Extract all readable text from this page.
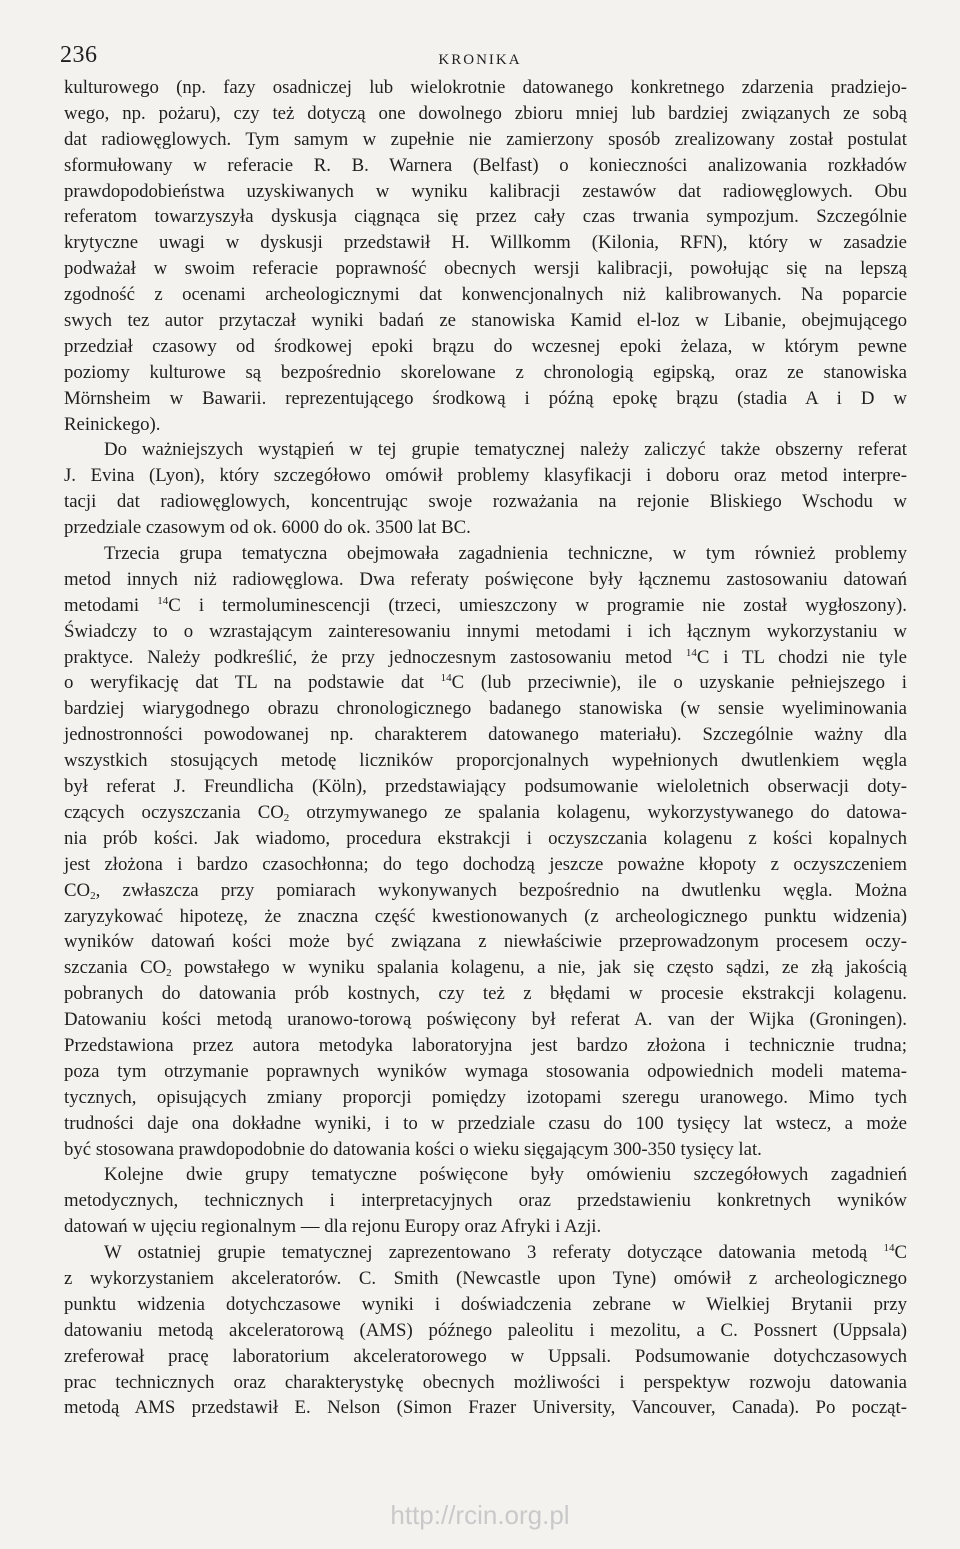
236	KRONIKA
kulturowego (np. fazy osadniczej lub wielokrotnie datowanego konkretnego zdarzenia pradziejo-
wego, np. pożaru), czy też dotyczą one dowolnego zbioru mniej lub bardziej związanych ze sobą
dat radiowęglowych. Tym samym w zupełnie nie zamierzony sposób zrealizowany został postulat
sformułowany w referacie R. B. Warnera (Belfast) o konieczności analizowania rozkładów
prawdopodobieństwa uzyskiwanych w wyniku kalibracji zestawów dat radiowęglowych. Obu
referatom towarzyszyła dyskusja ciągnąca się przez cały czas trwania sympozjum. Szczególnie
krytyczne uwagi w dyskusji przedstawił H. Willkomm (Kilonia, RFN), który w zasadzie
podważał w swoim referacie poprawność obecnych wersji kalibracji, powołując się na lepszą
zgodność z ocenami archeologicznymi dat konwencjonalnych niż kalibrowanych. Na poparcie
swych tez autor przytaczał wyniki badań ze stanowiska Kamid el-loz w Libanie, obejmującego
przedział czasowy od środkowej epoki brązu do wczesnej epoki żelaza, w którym pewne
poziomy kulturowe są bezpośrednio skorelowane z chronologią egipską, oraz ze stanowiska
Mörnsheim w Bawarii. reprezentującego środkową i późną epokę brązu (stadia A i D w
Reinickego).
Do ważniejszych wystąpień w tej grupie tematycznej należy zaliczyć także obszerny referat
J. Evina (Lyon), który szczegółowo omówił problemy klasyfikacji i doboru oraz metod interpre-
tacji dat radiowęglowych, koncentrując swoje rozważania na rejonie Bliskiego Wschodu w
przedziale czasowym od ok. 6000 do ok. 3500 lat BC.
Trzecia grupa tematyczna obejmowała zagadnienia techniczne, w tym również problemy
metod innych niż radiowęglowa. Dwa referaty poświęcone były łącznemu zastosowaniu datowań
metodami $^{14}$C i termoluminescencji (trzeci, umieszczony w programie nie został wygłoszony).
Świadczy to o wzrastającym zainteresowaniu innymi metodami i ich łącznym wykorzystaniu w
praktyce. Należy podkreślić, że przy jednoczesnym zastosowaniu metod $^{14}$C i TL chodzi nie tyle
o weryfikację dat TL na podstawie dat $^{14}$C (lub przeciwnie), ile o uzyskanie pełniejszego i
bardziej wiarygodnego obrazu chronologicznego badanego stanowiska (w sensie wyeliminowania
jednostronności powodowanej np. charakterem datowanego materiału). Szczególnie ważny dla
wszystkich stosujących metodę liczników proporcjonalnych wypełnionych dwutlenkiem węgla
był referat J. Freundlicha (Köln), przedstawiający podsumowanie wieloletnich obserwacji doty-
czących oczyszczania $CO_2$ otrzymywanego ze spalania kolagenu, wykorzystywanego do datowa-
nia prób kości. Jak wiadomo, procedura ekstrakcji i oczyszczania kolagenu z kości kopalnych
jest złożona i bardzo czasochłonna; do tego dochodzą jeszcze poważne kłopoty z oczyszczeniem
$CO_2$, zwłaszcza przy pomiarach wykonywanych bezpośrednio na dwutlenku węgla. Można
zaryzykować hipotezę, że znaczna część kwestionowanych (z archeologicznego punktu widzenia)
wyników datowań kości może być związana z niewłaściwie przeprowadzonym procesem oczy-
szczania $CO_2$ powstałego w wyniku spalania kolagenu, a nie, jak się często sądzi, ze złą jakością
pobranych do datowania prób kostnych, czy też z błędami w procesie ekstrakcji kolagenu.
Datowaniu kości metodą uranowo-torową poświęcony był referat A. van der Wijka (Groningen).
Przedstawiona przez autora metodyka laboratoryjna jest bardzo złożona i technicznie trudna;
poza tym otrzymanie poprawnych wyników wymaga stosowania odpowiednich modeli matema-
tycznych, opisujących zmiany proporcji pomiędzy izotopami szeregu uranowego. Mimo tych
trudności daje ona dokładne wyniki, i to w przedziale czasu do 100 tysięcy lat wstecz, a może
być stosowana prawdopodobnie do datowania kości o wieku sięgającym 300-350 tysięcy lat.
Kolejne dwie grupy tematyczne poświęcone były omówieniu szczegółowych zagadnień
metodycznych, technicznych i interpretacyjnych oraz przedstawieniu konkretnych wyników
datowań w ujęciu regionalnym — dla rejonu Europy oraz Afryki i Azji.
W ostatniej grupie tematycznej zaprezentowano 3 referaty dotyczące datowania metodą $^{14}$C
z wykorzystaniem akceleratorów. C. Smith (Newcastle upon Tyne) omówił z archeologicznego
punktu widzenia dotychczasowe wyniki i doświadczenia zebrane w Wielkiej Brytanii przy
datowaniu metodą akceleratorową (AMS) późnego paleolitu i mezolitu, a C. Possnert (Uppsala)
zreferował pracę laboratorium akceleratorowego w Uppsali. Podsumowanie dotychczasowych
prac technicznych oraz charakterystykę obecnych możliwości i perspektyw rozwoju datowania
metodą AMS przedstawił E. Nelson (Simon Frazer University, Vancouver, Canada). Po począt-
http://rcin.org.pl
